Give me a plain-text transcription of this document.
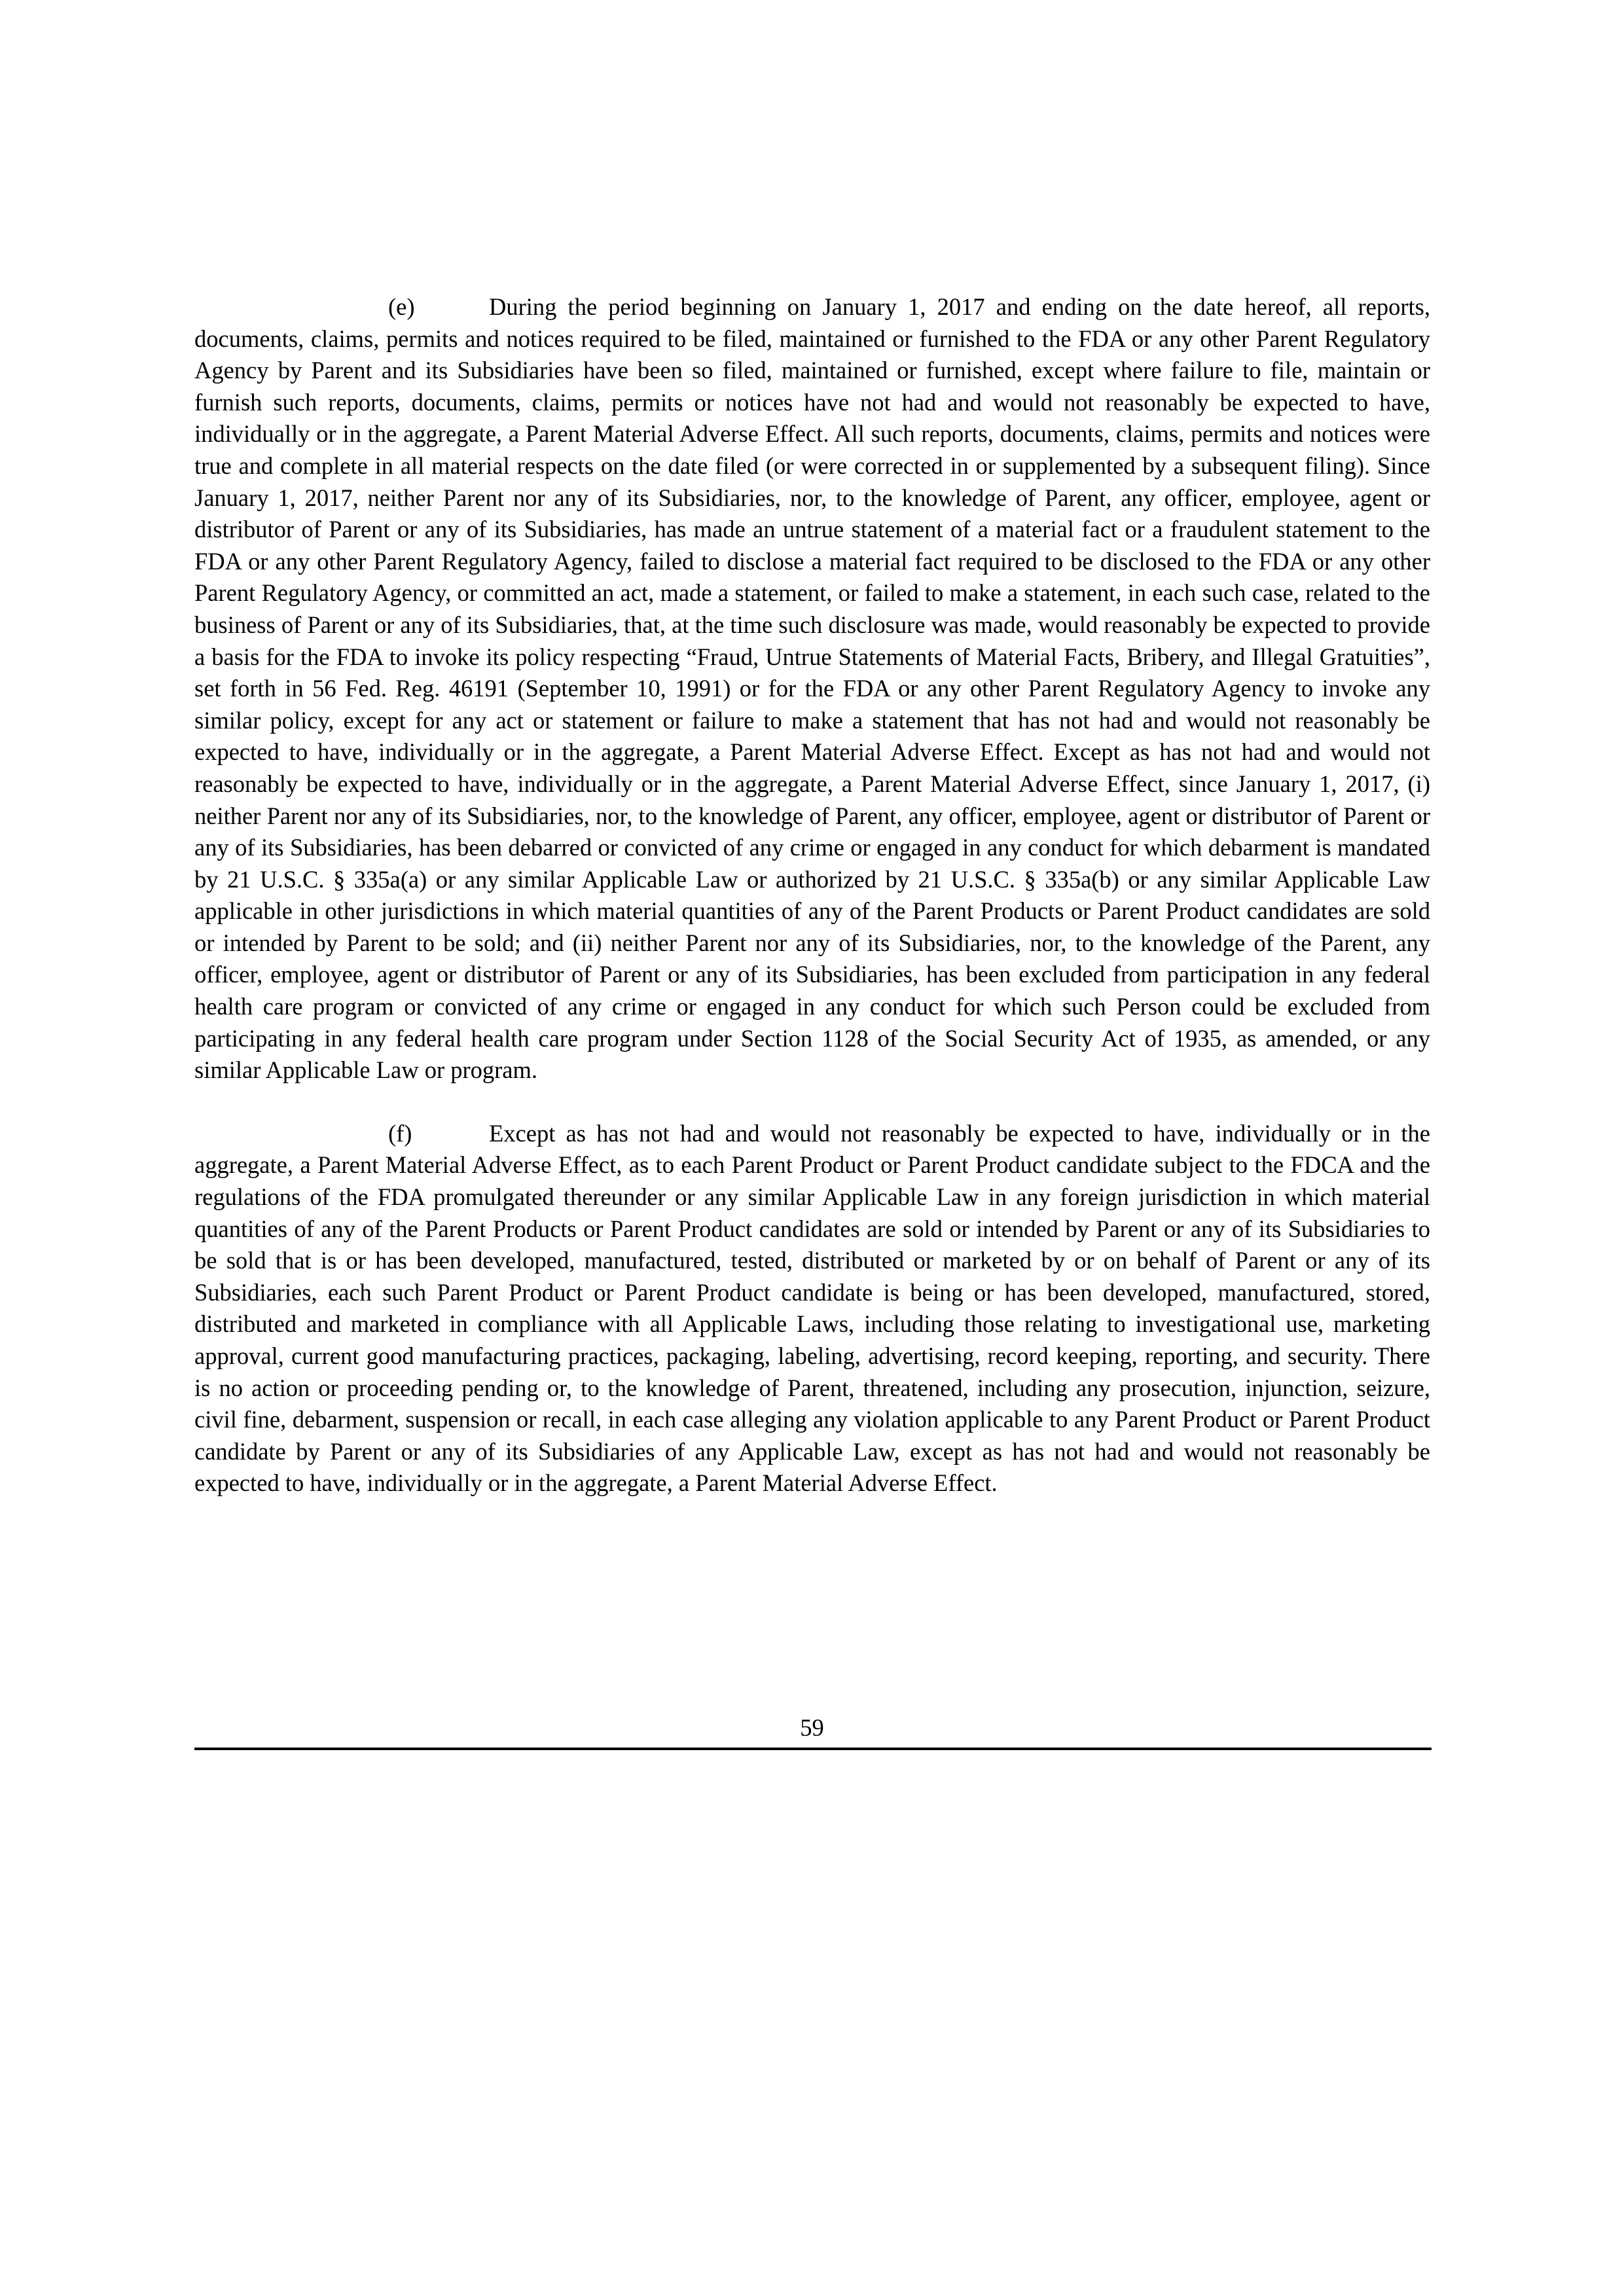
(e)	During the period beginning on January 1, 2017 and ending on the date hereof, all reports, documents, claims, permits and notices required to be filed, maintained or furnished to the FDA or any other Parent Regulatory Agency by Parent and its Subsidiaries have been so filed, maintained or furnished, except where failure to file, maintain or furnish such reports, documents, claims, permits or notices have not had and would not reasonably be expected to have, individually or in the aggregate, a Parent Material Adverse Effect. All such reports, documents, claims, permits and notices were true and complete in all material respects on the date filed (or were corrected in or supplemented by a subsequent filing). Since January 1, 2017, neither Parent nor any of its Subsidiaries, nor, to the knowledge of Parent, any officer, employee, agent or distributor of Parent or any of its Subsidiaries, has made an untrue statement of a material fact or a fraudulent statement to the FDA or any other Parent Regulatory Agency, failed to disclose a material fact required to be disclosed to the FDA or any other Parent Regulatory Agency, or committed an act, made a statement, or failed to make a statement, in each such case, related to the business of Parent or any of its Subsidiaries, that, at the time such disclosure was made, would reasonably be expected to provide a basis for the FDA to invoke its policy respecting “Fraud, Untrue Statements of Material Facts, Bribery, and Illegal Gratuities”, set forth in 56 Fed. Reg. 46191 (September 10, 1991) or for the FDA or any other Parent Regulatory Agency to invoke any similar policy, except for any act or statement or failure to make a statement that has not had and would not reasonably be expected to have, individually or in the aggregate, a Parent Material Adverse Effect. Except as has not had and would not reasonably be expected to have, individually or in the aggregate, a Parent Material Adverse Effect, since January 1, 2017, (i) neither Parent nor any of its Subsidiaries, nor, to the knowledge of Parent, any officer, employee, agent or distributor of Parent or any of its Subsidiaries, has been debarred or convicted of any crime or engaged in any conduct for which debarment is mandated by 21 U.S.C. § 335a(a) or any similar Applicable Law or authorized by 21 U.S.C. § 335a(b) or any similar Applicable Law applicable in other jurisdictions in which material quantities of any of the Parent Products or Parent Product candidates are sold or intended by Parent to be sold; and (ii) neither Parent nor any of its Subsidiaries, nor, to the knowledge of the Parent, any officer, employee, agent or distributor of Parent or any of its Subsidiaries, has been excluded from participation in any federal health care program or convicted of any crime or engaged in any conduct for which such Person could be excluded from participating in any federal health care program under Section 1128 of the Social Security Act of 1935, as amended, or any similar Applicable Law or program.

(f)	Except as has not had and would not reasonably be expected to have, individually or in the aggregate, a Parent Material Adverse Effect, as to each Parent Product or Parent Product candidate subject to the FDCA and the regulations of the FDA promulgated thereunder or any similar Applicable Law in any foreign jurisdiction in which material quantities of any of the Parent Products or Parent Product candidates are sold or intended by Parent or any of its Subsidiaries to be sold that is or has been developed, manufactured, tested, distributed or marketed by or on behalf of Parent or any of its Subsidiaries, each such Parent Product or Parent Product candidate is being or has been developed, manufactured, stored, distributed and marketed in compliance with all Applicable Laws, including those relating to investigational use, marketing approval, current good manufacturing practices, packaging, labeling, advertising, record keeping, reporting, and security. There is no action or proceeding pending or, to the knowledge of Parent, threatened, including any prosecution, injunction, seizure, civil fine, debarment, suspension or recall, in each case alleging any violation applicable to any Parent Product or Parent Product candidate by Parent or any of its Subsidiaries of any Applicable Law, except as has not had and would not reasonably be expected to have, individually or in the aggregate, a Parent Material Adverse Effect.

59
